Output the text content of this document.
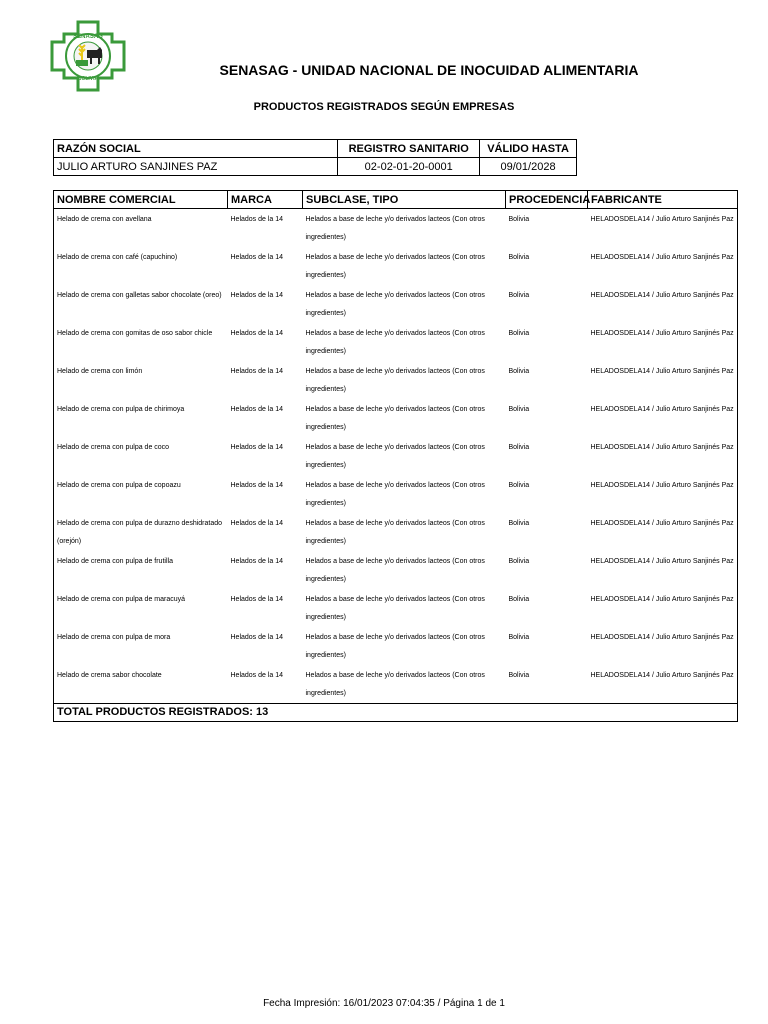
SENASAG
BOLIVIA
SENASAG - UNIDAD NACIONAL DE INOCUIDAD ALIMENTARIA
PRODUCTOS REGISTRADOS SEGÚN EMPRESAS
RAZÓN SOCIAL	REGISTRO SANITARIO	VÁLIDO HASTA
JULIO ARTURO SANJINES PAZ	02-02-01-20-0001	09/01/2028
NOMBRE COMERCIAL	MARCA	SUBCLASE, TIPO	PROCEDENCIA	FABRICANTE
Helado de crema con avellana	Helados de la 14	Helados a base de leche y/o derivados lacteos (Con otros ingredientes)	Bolivia	HELADOSDELA14 / Julio Arturo Sanjinés Paz
Helado de crema con café (capuchino)	Helados de la 14	Helados a base de leche y/o derivados lacteos (Con otros ingredientes)	Bolivia	HELADOSDELA14 / Julio Arturo Sanjinés Paz
Helado de crema con galletas sabor chocolate (oreo)	Helados de la 14	Helados a base de leche y/o derivados lacteos (Con otros ingredientes)	Bolivia	HELADOSDELA14 / Julio Arturo Sanjinés Paz
Helado de crema con gomitas de oso sabor chicle	Helados de la 14	Helados a base de leche y/o derivados lacteos (Con otros ingredientes)	Bolivia	HELADOSDELA14 / Julio Arturo Sanjinés Paz
Helado de crema con limón	Helados de la 14	Helados a base de leche y/o derivados lacteos (Con otros ingredientes)	Bolivia	HELADOSDELA14 / Julio Arturo Sanjinés Paz
Helado de crema con pulpa de chirimoya	Helados de la 14	Helados a base de leche y/o derivados lacteos (Con otros ingredientes)	Bolivia	HELADOSDELA14 / Julio Arturo Sanjinés Paz
Helado de crema con pulpa de coco	Helados de la 14	Helados a base de leche y/o derivados lacteos (Con otros ingredientes)	Bolivia	HELADOSDELA14 / Julio Arturo Sanjinés Paz
Helado de crema con pulpa de copoazu	Helados de la 14	Helados a base de leche y/o derivados lacteos (Con otros ingredientes)	Bolivia	HELADOSDELA14 / Julio Arturo Sanjinés Paz
Helado de crema con pulpa de durazno deshidratado (orejón)	Helados de la 14	Helados a base de leche y/o derivados lacteos (Con otros ingredientes)	Bolivia	HELADOSDELA14 / Julio Arturo Sanjinés Paz
Helado de crema con pulpa de frutilla	Helados de la 14	Helados a base de leche y/o derivados lacteos (Con otros ingredientes)	Bolivia	HELADOSDELA14 / Julio Arturo Sanjinés Paz
Helado de crema con pulpa de maracuyá	Helados de la 14	Helados a base de leche y/o derivados lacteos (Con otros ingredientes)	Bolivia	HELADOSDELA14 / Julio Arturo Sanjinés Paz
Helado de crema con pulpa de mora	Helados de la 14	Helados a base de leche y/o derivados lacteos (Con otros ingredientes)	Bolivia	HELADOSDELA14 / Julio Arturo Sanjinés Paz
Helado de crema sabor chocolate	Helados de la 14	Helados a base de leche y/o derivados lacteos (Con otros ingredientes)	Bolivia	HELADOSDELA14 / Julio Arturo Sanjinés Paz
TOTAL PRODUCTOS REGISTRADOS: 13				
Fecha Impresión: 16/01/2023 07:04:35 / Página 1 de 1
